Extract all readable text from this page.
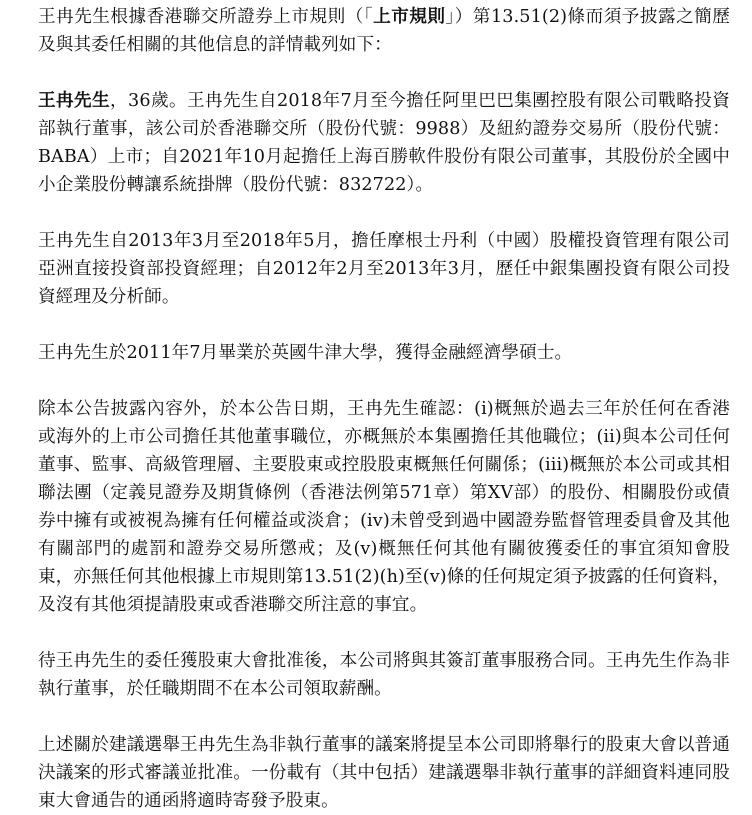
王冉先生根據香港聯交所證券上市規則（「上市規則」）第13.51(2)條而須予披露之簡歷及與其委任相關的其他信息的詳情載列如下：

王冉先生，36歲。王冉先生自2018年7月至今擔任阿里巴巴集團控股有限公司戰略投資部執行董事，該公司於香港聯交所（股份代號：9988）及紐約證券交易所（股份代號：BABA）上市；自2021年10月起擔任上海百勝軟件股份有限公司董事，其股份於全國中小企業股份轉讓系統掛牌（股份代號：832722）。

王冉先生自2013年3月至2018年5月，擔任摩根士丹利（中國）股權投資管理有限公司亞洲直接投資部投資經理；自2012年2月至2013年3月，歷任中銀集團投資有限公司投資經理及分析師。

王冉先生於2011年7月畢業於英國牛津大學，獲得金融經濟學碩士。

除本公告披露內容外，於本公告日期，王冉先生確認：(i)概無於過去三年於任何在香港或海外的上市公司擔任其他董事職位，亦概無於本集團擔任其他職位；(ii)與本公司任何董事、監事、高級管理層、主要股東或控股股東概無任何關係；(iii)概無於本公司或其相聯法團（定義見證券及期貨條例（香港法例第571章）第XV部）的股份、相關股份或債券中擁有或被視為擁有任何權益或淡倉；(iv)未曾受到過中國證券監督管理委員會及其他有關部門的處罰和證券交易所懲戒；及(v)概無任何其他有關彼獲委任的事宜須知會股東，亦無任何其他根據上市規則第13.51(2)(h)至(v)條的任何規定須予披露的任何資料，及沒有其他須提請股東或香港聯交所注意的事宜。

待王冉先生的委任獲股東大會批准後，本公司將與其簽訂董事服務合同。王冉先生作為非執行董事，於任職期間不在本公司領取薪酬。

上述關於建議選舉王冉先生為非執行董事的議案將提呈本公司即將舉行的股東大會以普通決議案的形式審議並批准。一份載有（其中包括）建議選舉非執行董事的詳細資料連同股東大會通告的通函將適時寄發予股東。
